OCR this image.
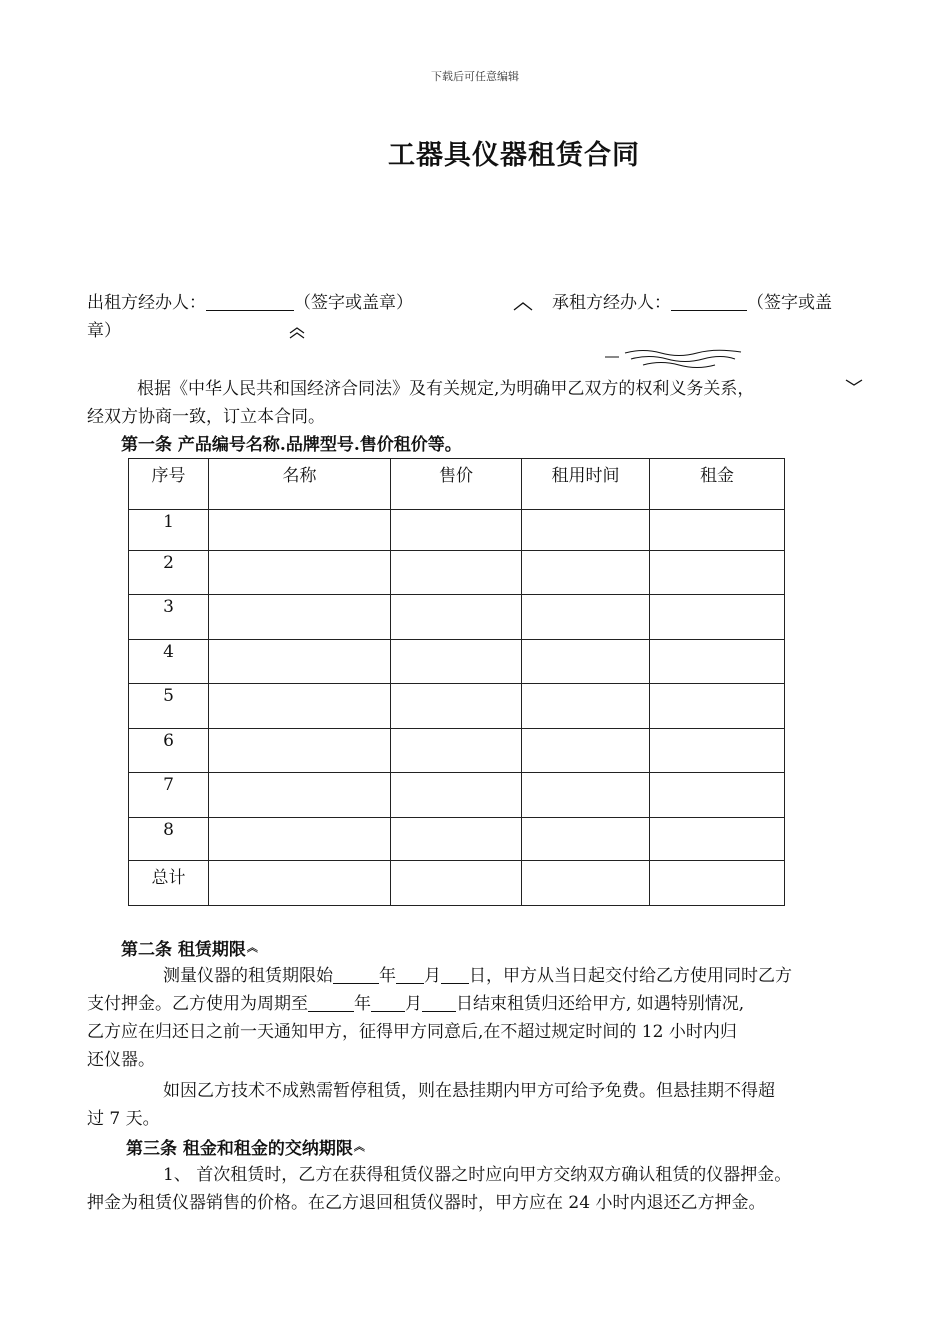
下载后可任意编辑
工器具仪器租赁合同
出租方经办人：	（签字或盖章）	承租方经办人：	（签字或盖
章）
根据《中华人民共和国经济合同法》及有关规定,为明确甲乙双方的权利义务关系，
经双方协商一致，订立本合同。
第一条 产品编号名称.品牌型号.售价租价等。
序号	名称	售价	租用时间	租金
1				
2				
3				
4				
5				
6				
7				
8				
总计				
第二条 租赁期限︽
测量仪器的租赁期限始	年 月 日，甲方从当日起交付给乙方使用同时乙方
支付押金。乙方使用为周期至	年 月 日结束租赁归还给甲方, 如遇特别情况,
乙方应在归还日之前一天通知甲方，征得甲方同意后,在不超过规定时间的 12 小时内归
还仪器。
如因乙方技术不成熟需暂停租赁，则在悬挂期内甲方可给予免费。但悬挂期不得超
过 7 天。
第三条 租金和租金的交纳期限︽
1、 首次租赁时，乙方在获得租赁仪器之时应向甲方交纳双方确认租赁的仪器押金。
押金为租赁仪器销售的价格。在乙方退回租赁仪器时，甲方应在 24 小时内退还乙方押金。
